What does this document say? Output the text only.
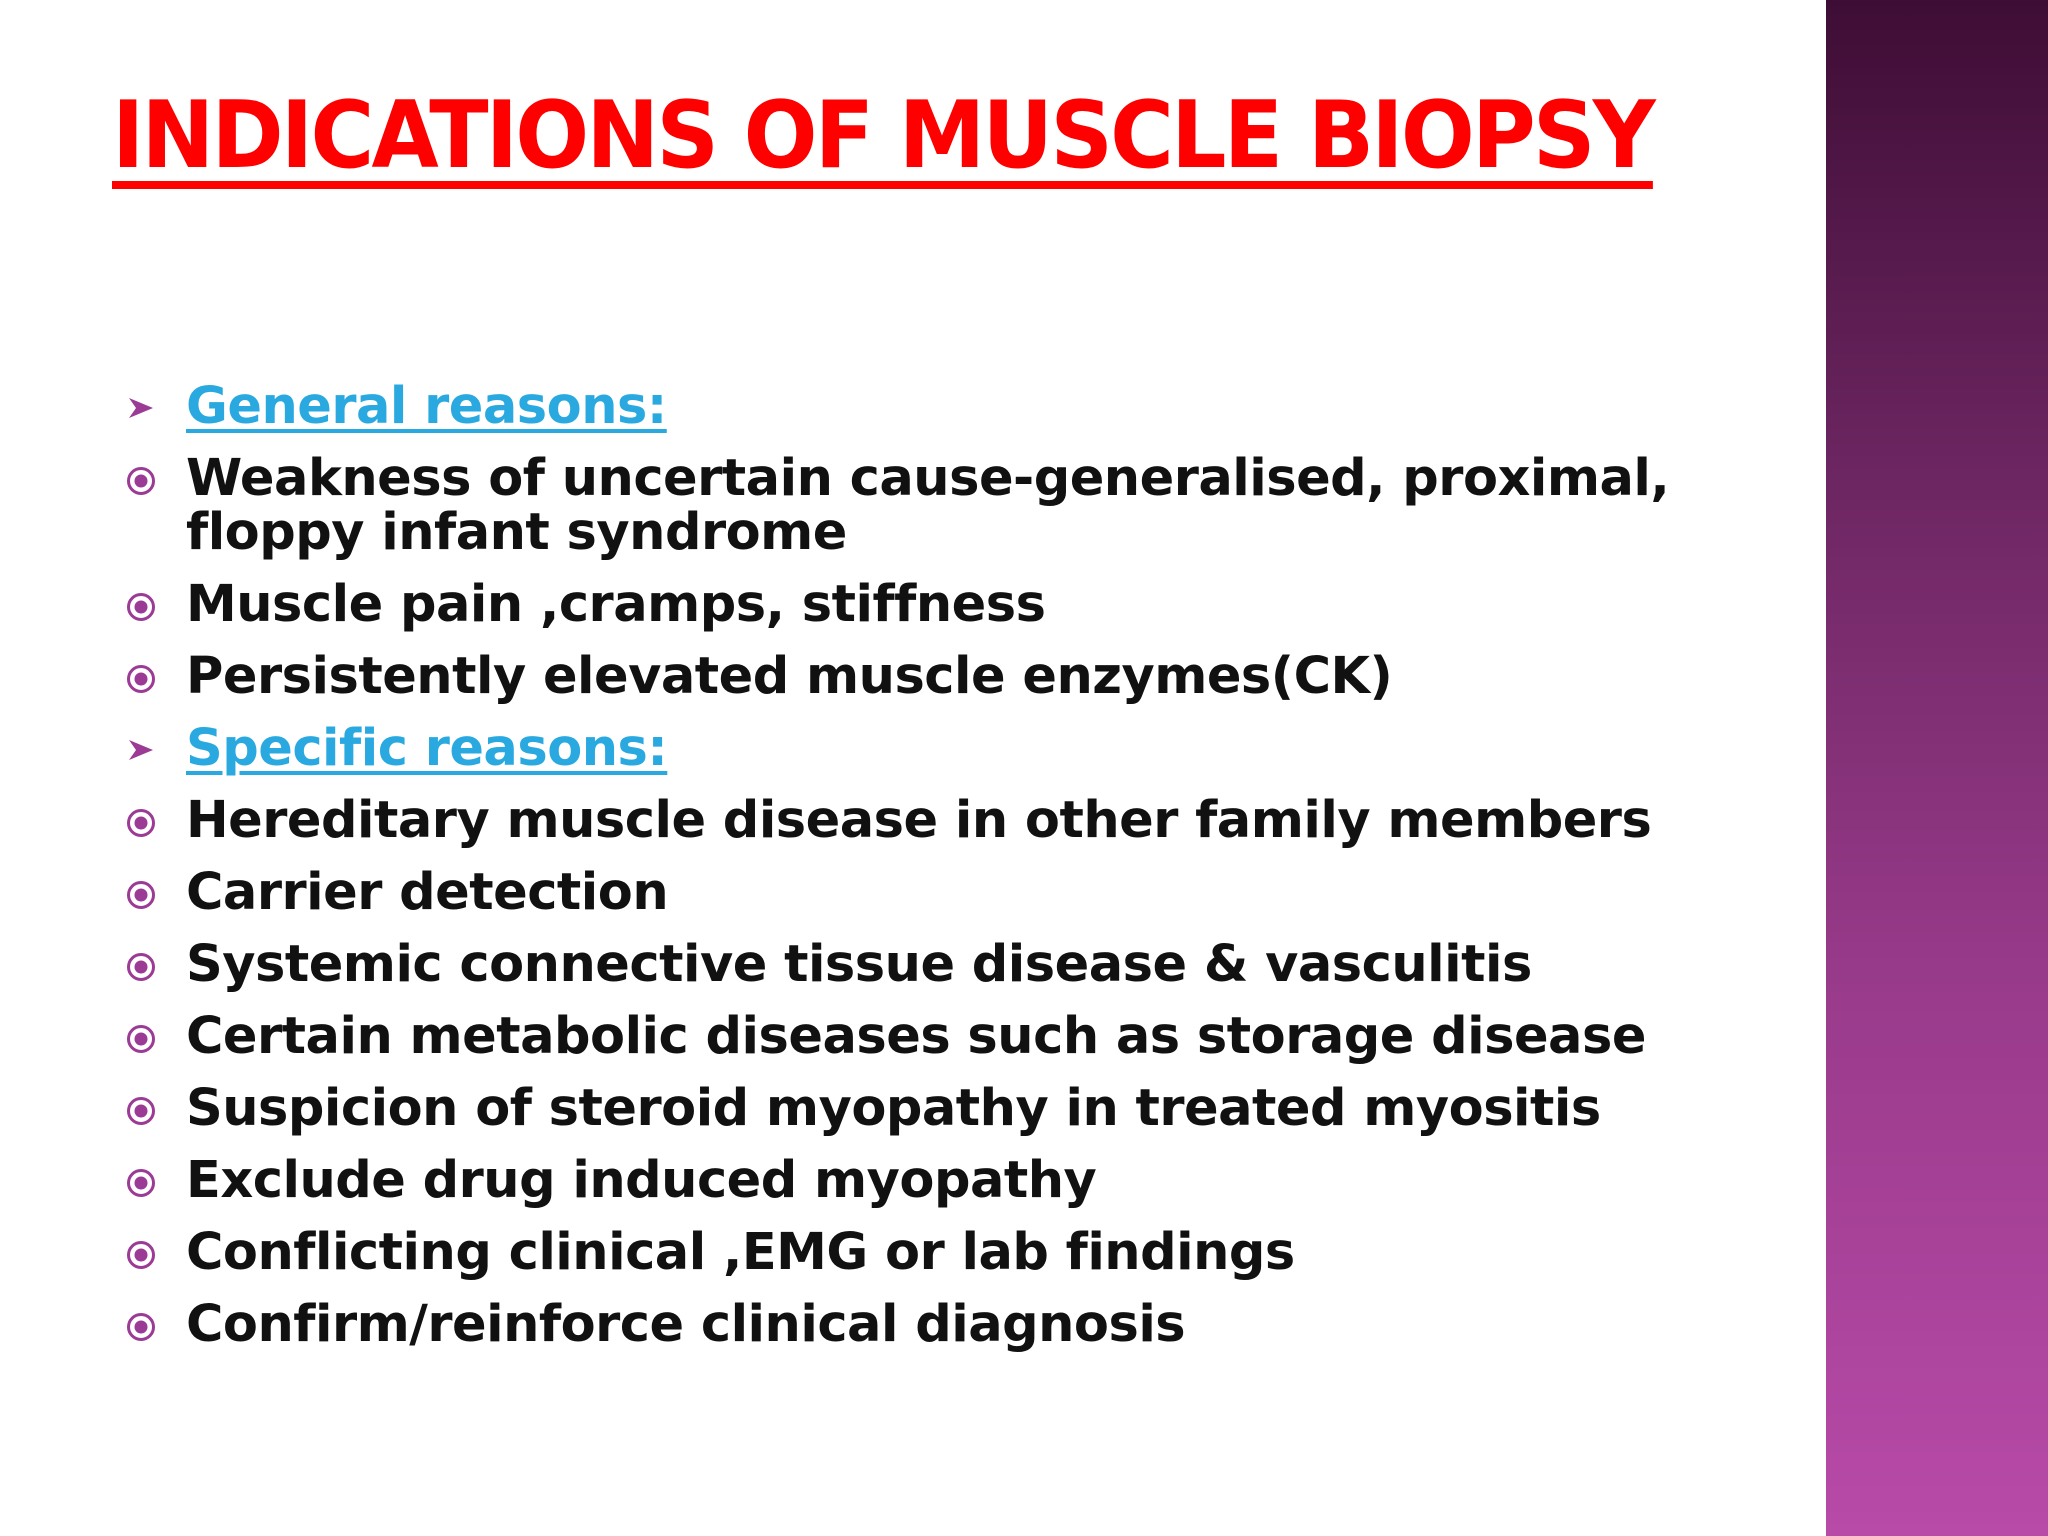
INDICATIONS OF MUSCLE BIOPSY
General reasons:
Weakness of uncertain cause-generalised, proximal, floppy infant syndrome
Muscle pain ,cramps, stiffness
Persistently elevated muscle enzymes(CK)
Specific reasons:
Hereditary muscle disease in other family members
Carrier detection
Systemic connective tissue disease & vasculitis
Certain metabolic diseases such as storage disease
Suspicion of steroid myopathy in treated myositis
Exclude drug induced myopathy
Conflicting clinical ,EMG or lab findings
Confirm/reinforce clinical diagnosis
